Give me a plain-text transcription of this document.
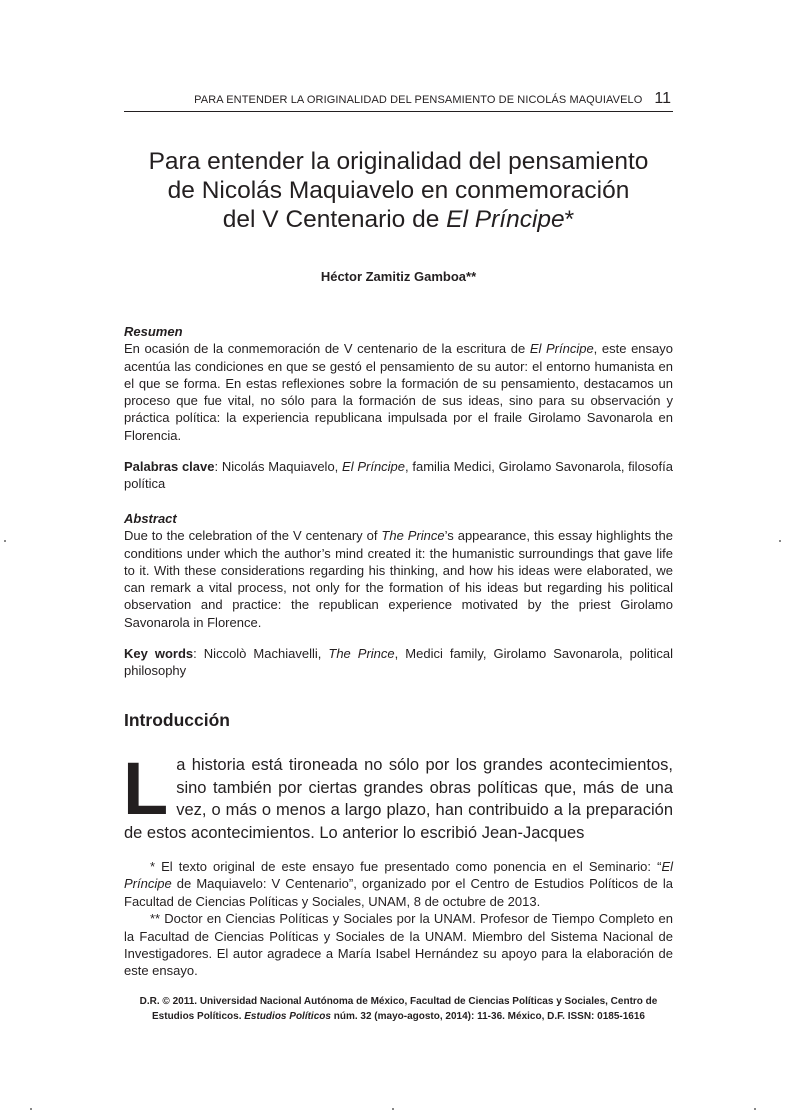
PARA ENTENDER LA ORIGINALIDAD DEL PENSAMIENTO DE NICOLÁS MAQUIAVELO 11
Para entender la originalidad del pensamiento
de Nicolás Maquiavelo en conmemoración
del V Centenario de El Príncipe*

Héctor Zamitiz Gamboa**

Resumen

En ocasión de la conmemoración de V centenario de la escritura de El Príncipe, este ensayo acentúa las condiciones en que se gestó el pensamiento de su autor: el entorno humanista en el que se forma. En estas reflexiones sobre la formación de su pensamiento, destacamos un proceso que fue vital, no sólo para la formación de sus ideas, sino para su observación y práctica política: la experiencia republicana impulsada por el fraile Girolamo Savonarola en Florencia.

Palabras clave: Nicolás Maquiavelo, El Príncipe, familia Medici, Girolamo Savonarola, filosofía política

Abstract

Due to the celebration of the V centenary of The Prince’s appearance, this essay highlights the conditions under which the author’s mind created it: the humanistic surroundings that gave life to it. With these considerations regarding his thinking, and how his ideas were elaborated, we can remark a vital process, not only for the formation of his ideas but regarding his political observation and practice: the republican experience motivated by the priest Girolamo Savonarola in Florence.

Key words: Niccolò Machiavelli, The Prince, Medici family, Girolamo Savonarola, political philosophy

Introducción

La historia está tironeada no sólo por los grandes acontecimientos, sino también por ciertas grandes obras políticas que, más de una vez, o más o menos a largo plazo, han contribuido a la preparación de estos acontecimientos. Lo anterior lo escribió Jean-Jacques

* El texto original de este ensayo fue presentado como ponencia en el Seminario: “El Príncipe de Maquiavelo: V Centenario”, organizado por el Centro de Estudios Políticos de la Facultad de Ciencias Políticas y Sociales, UNAM, 8 de octubre de 2013.

** Doctor en Ciencias Políticas y Sociales por la UNAM. Profesor de Tiempo Completo en la Facultad de Ciencias Políticas y Sociales de la UNAM. Miembro del Sistema Nacional de Investigadores. El autor agradece a María Isabel Hernández su apoyo para la elaboración de este ensayo.

D.R. © 2011. Universidad Nacional Autónoma de México, Facultad de Ciencias Políticas y Sociales, Centro de
Estudios Políticos. Estudios Políticos núm. 32 (mayo-agosto, 2014): 11-36. México, D.F. ISSN: 0185-1616
